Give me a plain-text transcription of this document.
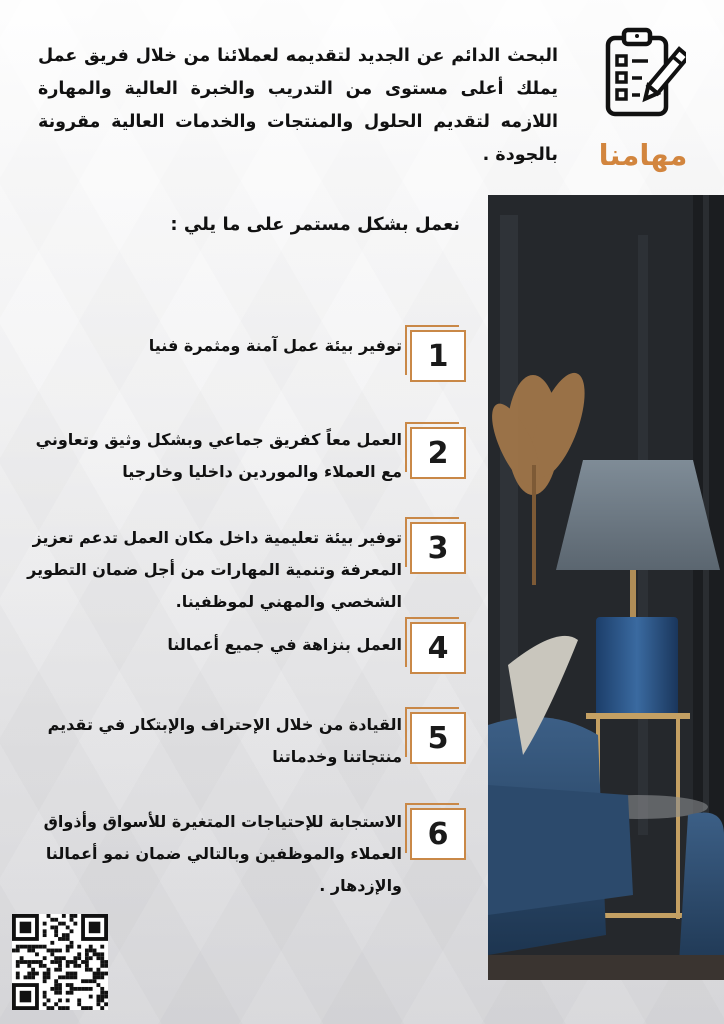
مهامنا
البحث الدائم عن الجديد لتقديمه لعملائنا من خلال فريق عمل يملك أعلى مستوى من التدريب والخبرة العالية والمهارة اللازمه لتقديم الحلول والمنتجات والخدمات العالية مقرونة بالجودة .
نعمل بشكل مستمر على ما يلي :
1
توفير بيئة عمل آمنة ومثمرة فنيا
2
العمل معاً كفريق جماعي وبشكل وثيق وتعاوني مع العملاء والموردين داخليا وخارجيا
3
توفير بيئة تعليمية داخل مكان العمل تدعم تعزيز المعرفة وتنمية المهارات من أجل ضمان التطوير الشخصي والمهني لموظفينا.
4
العمل بنزاهة في جميع أعمالنا
5
القيادة من خلال الإحتراف والإبتكار في تقديم منتجاتنا وخدماتنا
6
الاستجابة للإحتياجات المتغيرة للأسواق وأذواق العملاء والموظفين وبالتالي ضمان نمو أعمالنا والإزدهار .
